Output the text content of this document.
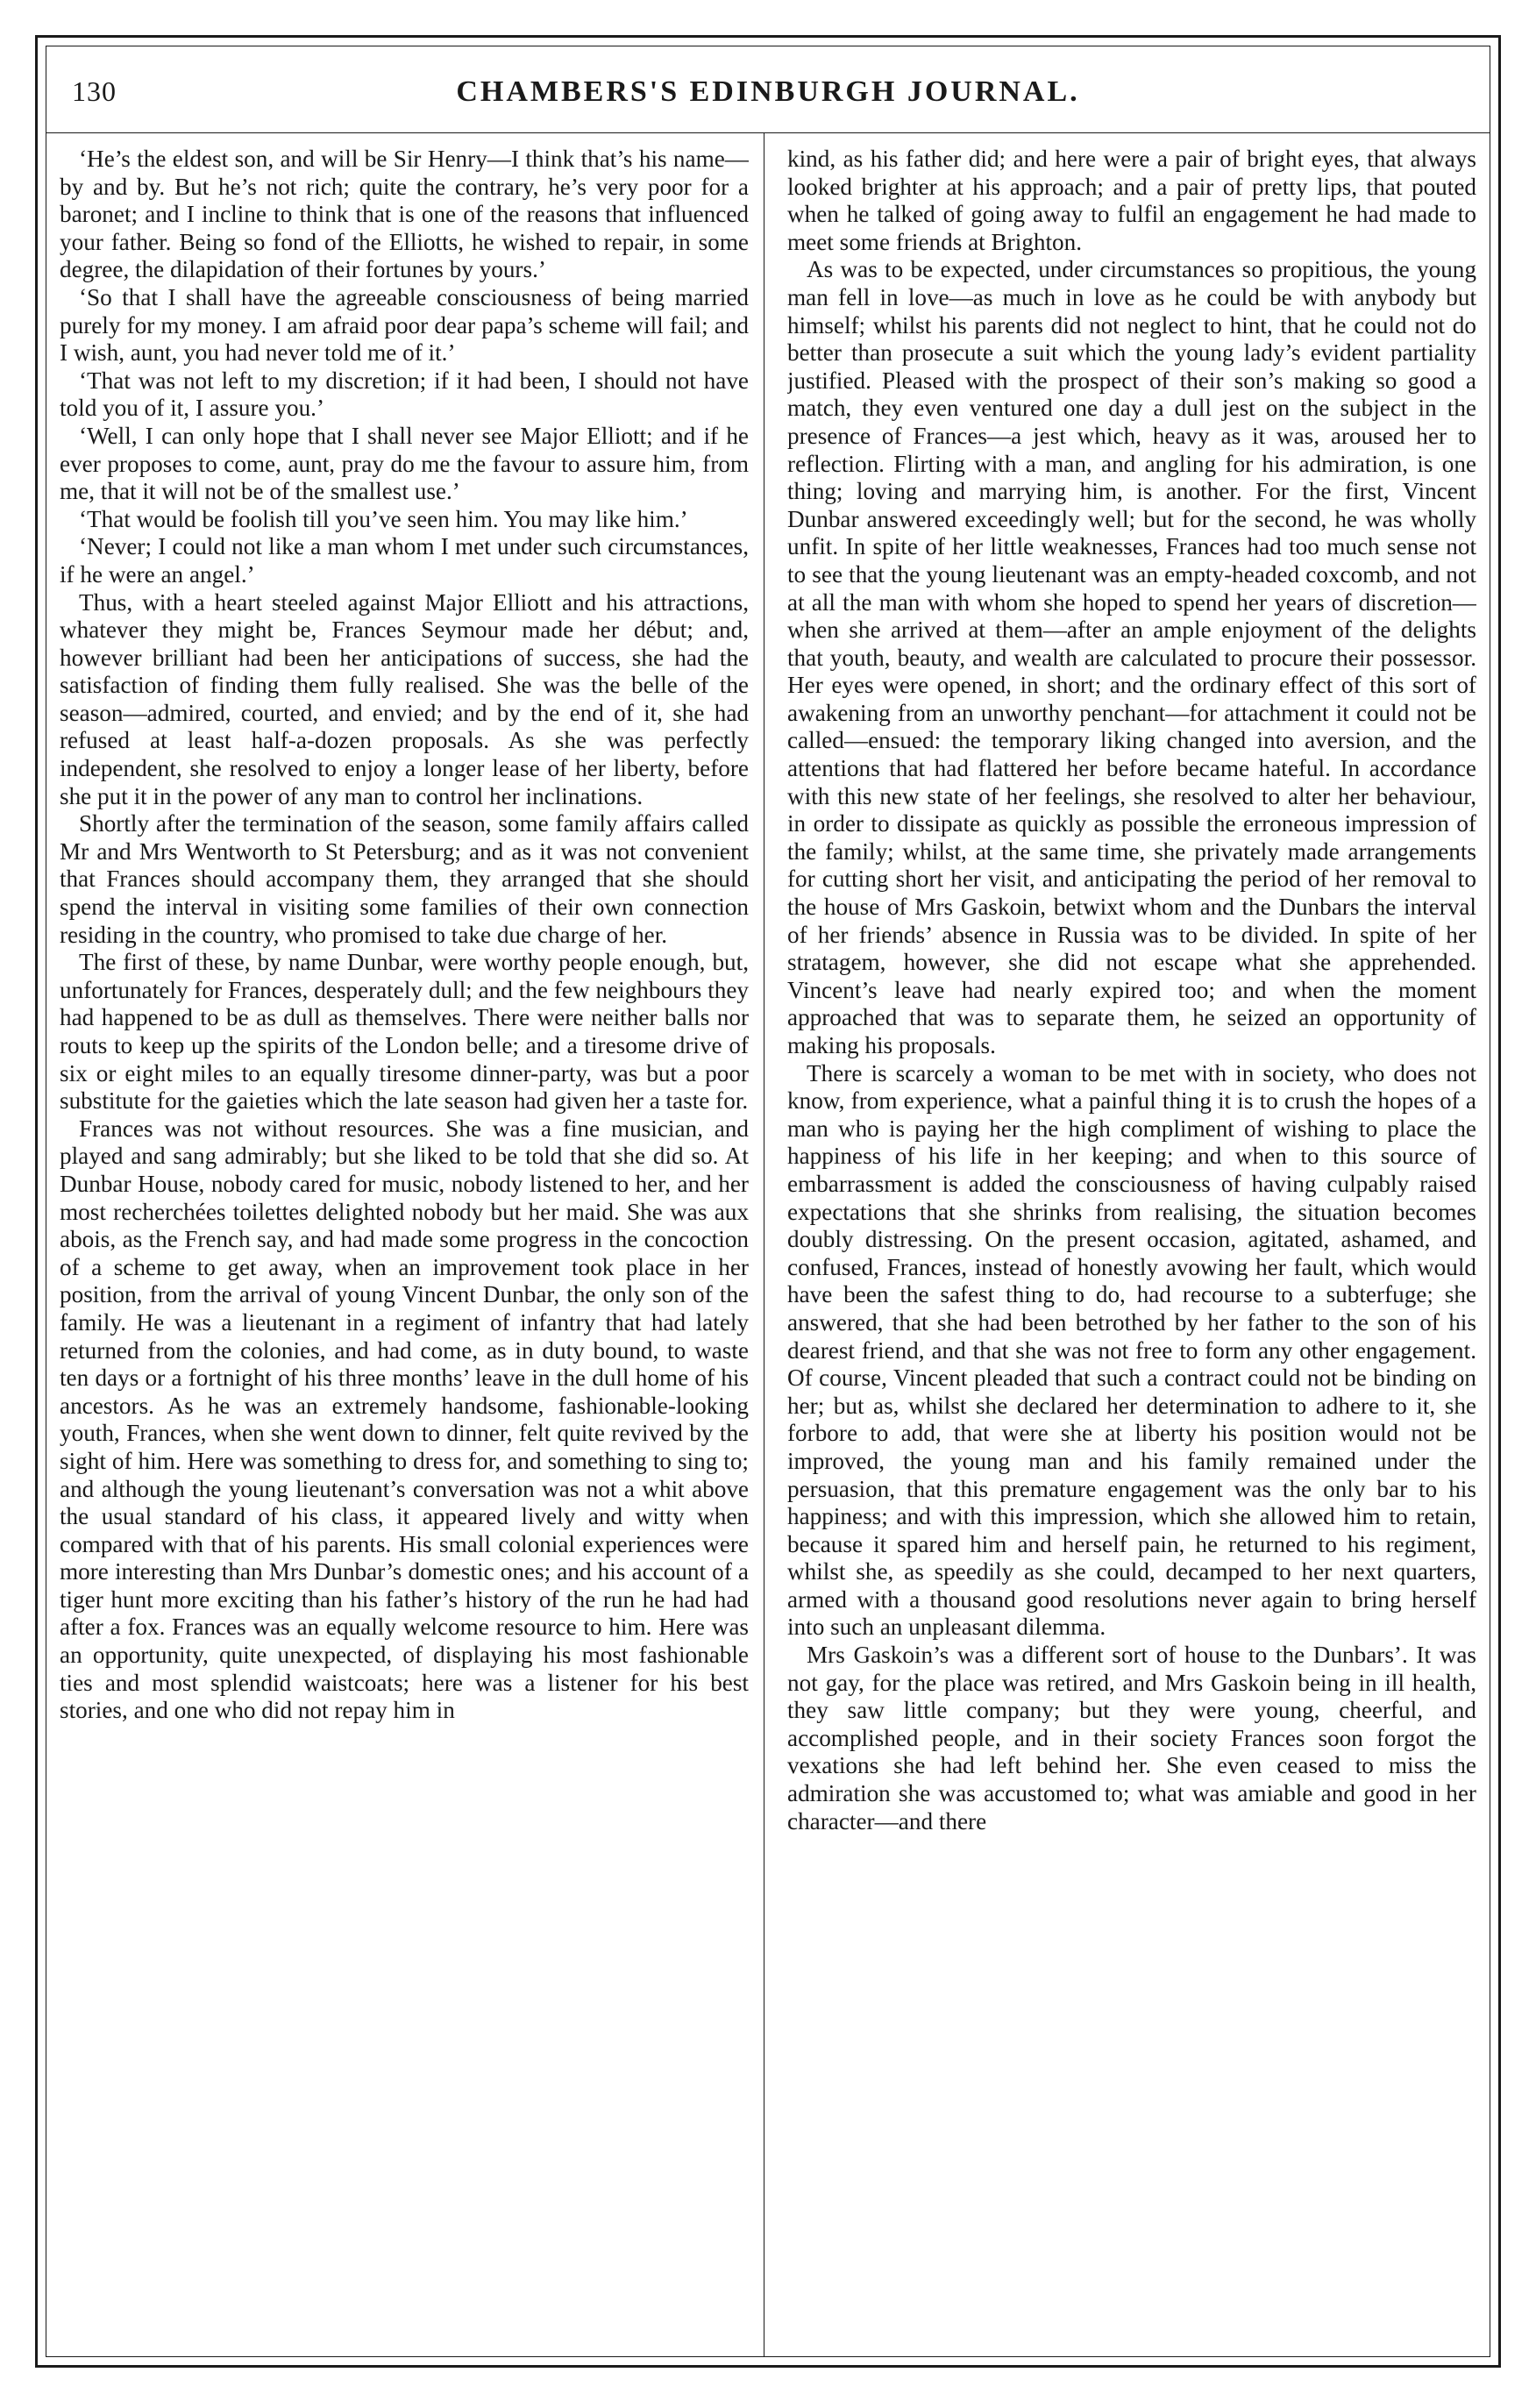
130	CHAMBERS'S EDINBURGH JOURNAL.

‘He’s the eldest son, and will be Sir Henry—I think that’s his name—by and by. But he’s not rich; quite the contrary, he’s very poor for a baronet; and I incline to think that is one of the reasons that influenced your father. Being so fond of the Elliotts, he wished to repair, in some degree, the dilapidation of their fortunes by yours.’

‘So that I shall have the agreeable consciousness of being married purely for my money. I am afraid poor dear papa’s scheme will fail; and I wish, aunt, you had never told me of it.’

‘That was not left to my discretion; if it had been, I should not have told you of it, I assure you.’

‘Well, I can only hope that I shall never see Major Elliott; and if he ever proposes to come, aunt, pray do me the favour to assure him, from me, that it will not be of the smallest use.’

‘That would be foolish till you’ve seen him. You may like him.’

‘Never; I could not like a man whom I met under such circumstances, if he were an angel.’

Thus, with a heart steeled against Major Elliott and his attractions, whatever they might be, Frances Seymour made her début; and, however brilliant had been her anticipations of success, she had the satisfaction of finding them fully realised. She was the belle of the season—admired, courted, and envied; and by the end of it, she had refused at least half-a-dozen proposals. As she was perfectly independent, she resolved to enjoy a longer lease of her liberty, before she put it in the power of any man to control her inclinations.

Shortly after the termination of the season, some family affairs called Mr and Mrs Wentworth to St Petersburg; and as it was not convenient that Frances should accompany them, they arranged that she should spend the interval in visiting some families of their own connection residing in the country, who promised to take due charge of her.

The first of these, by name Dunbar, were worthy people enough, but, unfortunately for Frances, desperately dull; and the few neighbours they had happened to be as dull as themselves. There were neither balls nor routs to keep up the spirits of the London belle; and a tiresome drive of six or eight miles to an equally tiresome dinner-party, was but a poor substitute for the gaieties which the late season had given her a taste for.

Frances was not without resources. She was a fine musician, and played and sang admirably; but she liked to be told that she did so. At Dunbar House, nobody cared for music, nobody listened to her, and her most recherchées toilettes delighted nobody but her maid. She was aux abois, as the French say, and had made some progress in the concoction of a scheme to get away, when an improvement took place in her position, from the arrival of young Vincent Dunbar, the only son of the family. He was a lieutenant in a regiment of infantry that had lately returned from the colonies, and had come, as in duty bound, to waste ten days or a fortnight of his three months’ leave in the dull home of his ancestors. As he was an extremely handsome, fashionable-looking youth, Frances, when she went down to dinner, felt quite revived by the sight of him. Here was something to dress for, and something to sing to; and although the young lieutenant’s conversation was not a whit above the usual standard of his class, it appeared lively and witty when compared with that of his parents. His small colonial experiences were more interesting than Mrs Dunbar’s domestic ones; and his account of a tiger hunt more exciting than his father’s history of the run he had had after a fox. Frances was an equally welcome resource to him. Here was an opportunity, quite unexpected, of displaying his most fashionable ties and most splendid waistcoats; here was a listener for his best stories, and one who did not repay him in

kind, as his father did; and here were a pair of bright eyes, that always looked brighter at his approach; and a pair of pretty lips, that pouted when he talked of going away to fulfil an engagement he had made to meet some friends at Brighton.

As was to be expected, under circumstances so propitious, the young man fell in love—as much in love as he could be with anybody but himself; whilst his parents did not neglect to hint, that he could not do better than prosecute a suit which the young lady’s evident partiality justified. Pleased with the prospect of their son’s making so good a match, they even ventured one day a dull jest on the subject in the presence of Frances—a jest which, heavy as it was, aroused her to reflection. Flirting with a man, and angling for his admiration, is one thing; loving and marrying him, is another. For the first, Vincent Dunbar answered exceedingly well; but for the second, he was wholly unfit. In spite of her little weaknesses, Frances had too much sense not to see that the young lieutenant was an empty-headed coxcomb, and not at all the man with whom she hoped to spend her years of discretion—when she arrived at them—after an ample enjoyment of the delights that youth, beauty, and wealth are calculated to procure their possessor. Her eyes were opened, in short; and the ordinary effect of this sort of awakening from an unworthy penchant—for attachment it could not be called—ensued: the temporary liking changed into aversion, and the attentions that had flattered her before became hateful. In accordance with this new state of her feelings, she resolved to alter her behaviour, in order to dissipate as quickly as possible the erroneous impression of the family; whilst, at the same time, she privately made arrangements for cutting short her visit, and anticipating the period of her removal to the house of Mrs Gaskoin, betwixt whom and the Dunbars the interval of her friends’ absence in Russia was to be divided. In spite of her stratagem, however, she did not escape what she apprehended. Vincent’s leave had nearly expired too; and when the moment approached that was to separate them, he seized an opportunity of making his proposals.

There is scarcely a woman to be met with in society, who does not know, from experience, what a painful thing it is to crush the hopes of a man who is paying her the high compliment of wishing to place the happiness of his life in her keeping; and when to this source of embarrassment is added the consciousness of having culpably raised expectations that she shrinks from realising, the situation becomes doubly distressing. On the present occasion, agitated, ashamed, and confused, Frances, instead of honestly avowing her fault, which would have been the safest thing to do, had recourse to a subterfuge; she answered, that she had been betrothed by her father to the son of his dearest friend, and that she was not free to form any other engagement. Of course, Vincent pleaded that such a contract could not be binding on her; but as, whilst she declared her determination to adhere to it, she forbore to add, that were she at liberty his position would not be improved, the young man and his family remained under the persuasion, that this premature engagement was the only bar to his happiness; and with this impression, which she allowed him to retain, because it spared him and herself pain, he returned to his regiment, whilst she, as speedily as she could, decamped to her next quarters, armed with a thousand good resolutions never again to bring herself into such an unpleasant dilemma.

Mrs Gaskoin’s was a different sort of house to the Dunbars’. It was not gay, for the place was retired, and Mrs Gaskoin being in ill health, they saw little company; but they were young, cheerful, and accomplished people, and in their society Frances soon forgot the vexations she had left behind her. She even ceased to miss the admiration she was accustomed to; what was amiable and good in her character—and there
